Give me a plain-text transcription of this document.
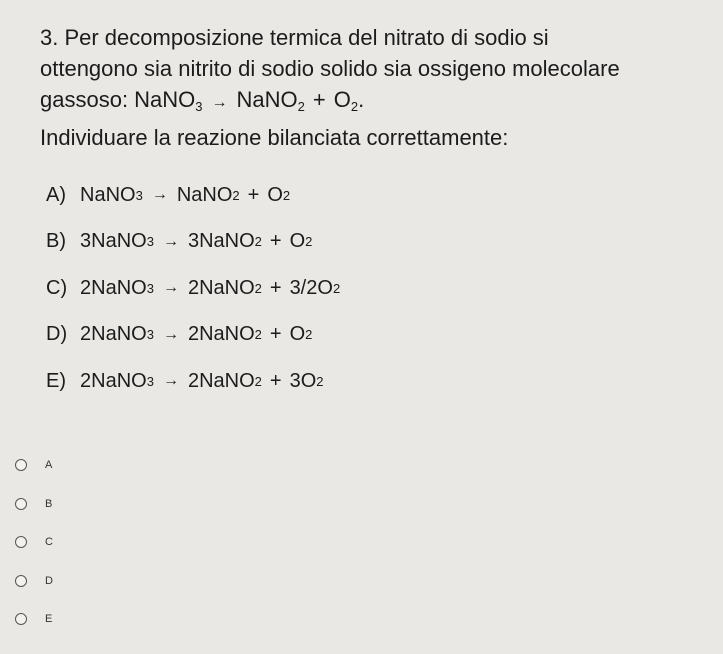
3. Per decomposizione termica del nitrato di sodio si
ottengono sia nitrito di sodio solido sia ossigeno molecolare
gassoso: NaNO$_3$ → NaNO$_2$ + $O_2$.
Individuare la reazione bilanciata correttamente:
A) NaNO 3 → NaNO 2 + O 2
B) 3 NaNO 3 → 3 NaNO 2 + O 2
C) 2 NaNO 3 → 2 NaNO 2 + 3/2 O 2
D) 2 NaNO 3 → 2 NaNO 2 + O 2
E) 2 NaNO 3 → 2 NaNO 2 + 3 O 2
A
B
C
D
E
